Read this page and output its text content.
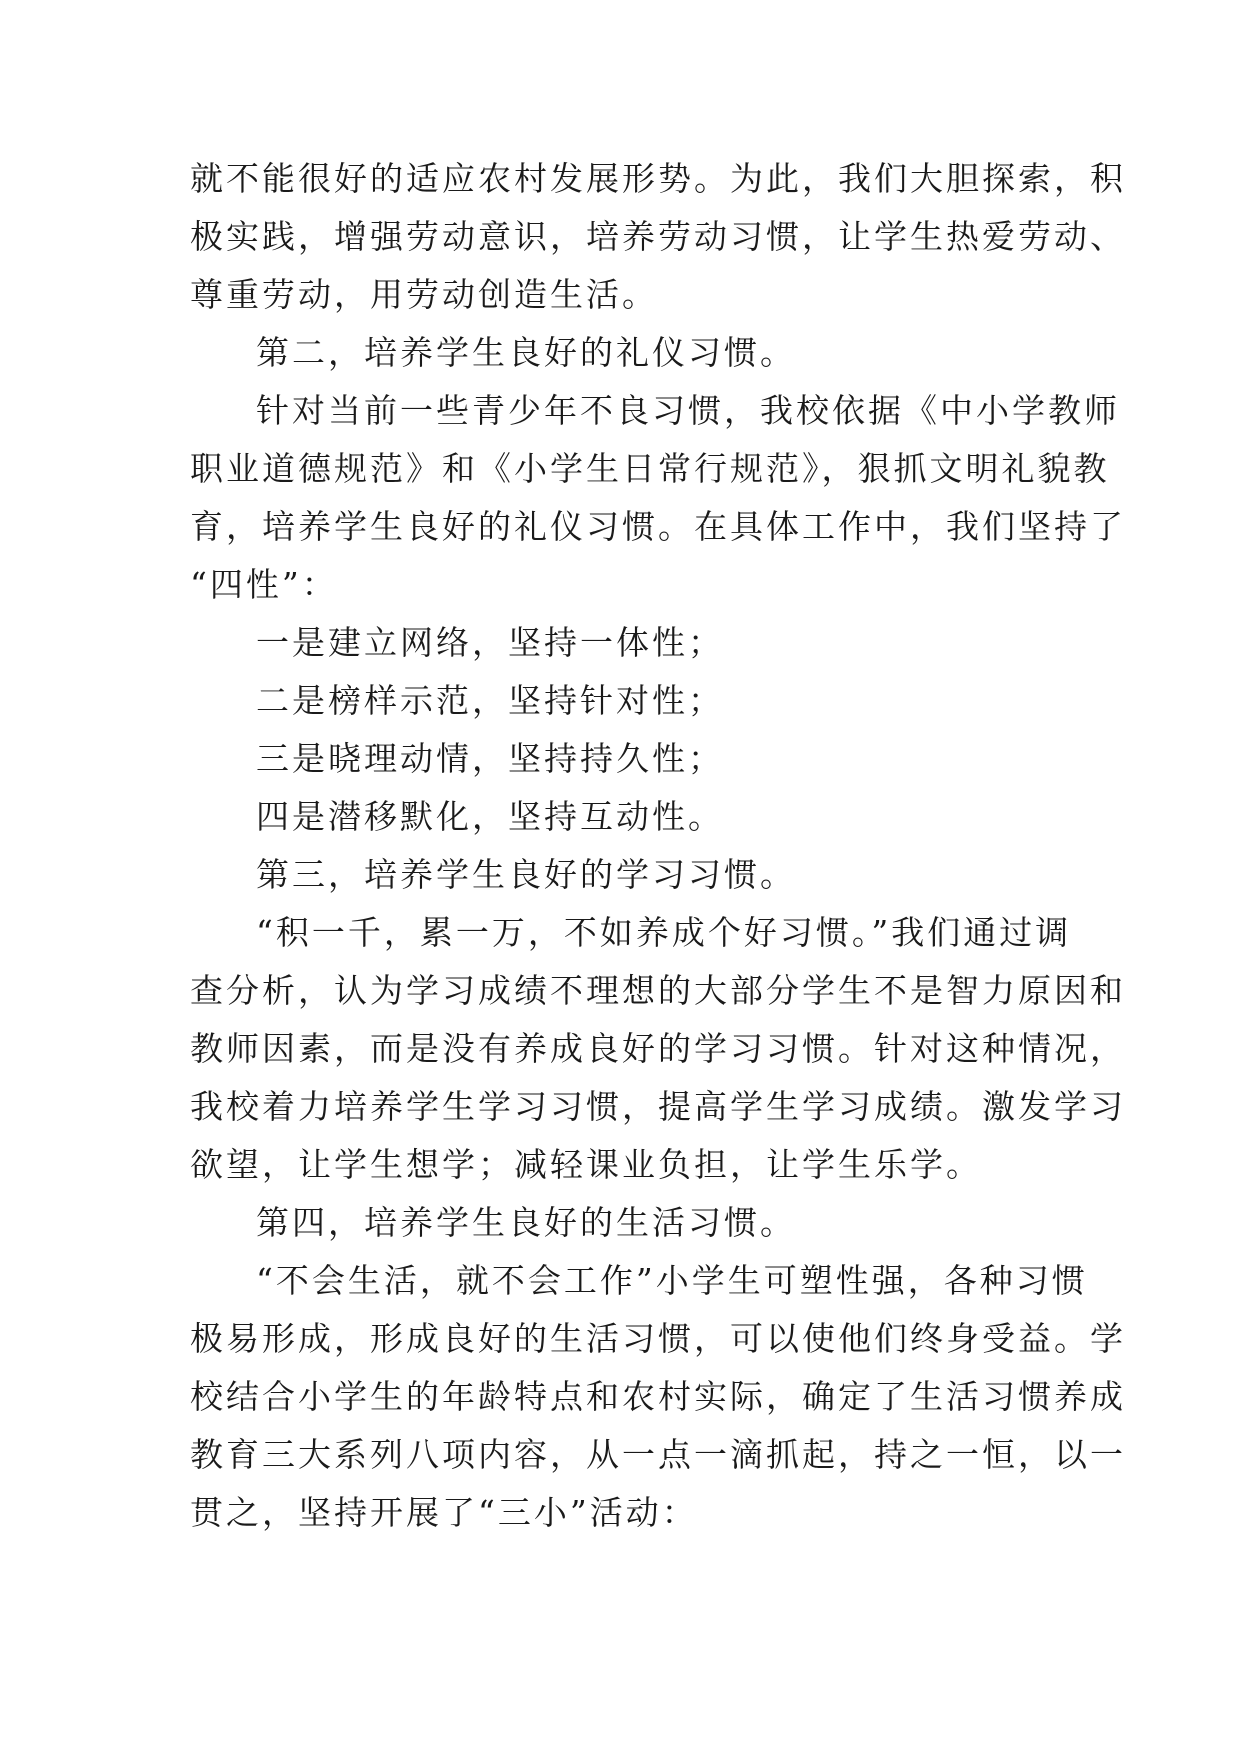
就不能很好的适应农村发展形势。为此，我们大胆探索，积
极实践，增强劳动意识，培养劳动习惯，让学生热爱劳动、
尊重劳动，用劳动创造生活。
第二，培养学生良好的礼仪习惯。
针对当前一些青少年不良习惯，我校依据《中小学教师
职业道德规范》和《小学生日常行规范》，狠抓文明礼貌教
育，培养学生良好的礼仪习惯。在具体工作中，我们坚持了
“四性”：
一是建立网络，坚持一体性；
二是榜样示范，坚持针对性；
三是晓理动情，坚持持久性；
四是潜移默化，坚持互动性。
第三，培养学生良好的学习习惯。
“积一千，累一万，不如养成个好习惯。”我们通过调
查分析，认为学习成绩不理想的大部分学生不是智力原因和
教师因素，而是没有养成良好的学习习惯。针对这种情况，
我校着力培养学生学习习惯，提高学生学习成绩。激发学习
欲望，让学生想学；减轻课业负担，让学生乐学。
第四，培养学生良好的生活习惯。
“不会生活，就不会工作”小学生可塑性强，各种习惯
极易形成，形成良好的生活习惯，可以使他们终身受益。学
校结合小学生的年龄特点和农村实际，确定了生活习惯养成
教育三大系列八项内容，从一点一滴抓起，持之一恒，以一
贯之，坚持开展了“三小”活动：
